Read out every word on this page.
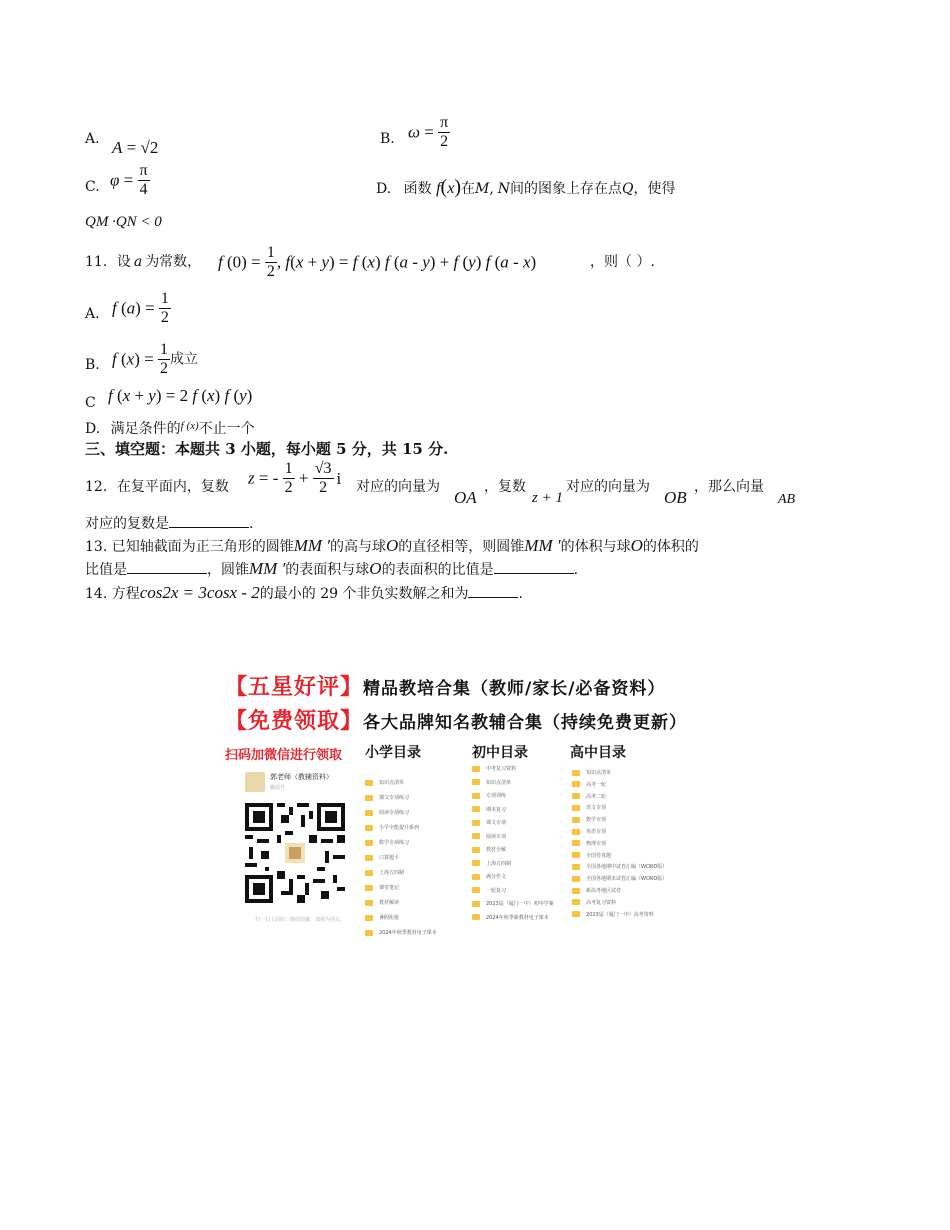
A. A = √2	B. $\omega = \frac{\pi}{2}$
C. $\varphi = \frac{\pi}{4}$	D. 函数 f(x)在M, N间的图象上存在点Q，使得
QM ·QN < 0
11．设 a 为常数， f $(0) = \frac{1}{2}$ , f(x + y) = f (x) f (a - y) + f (y) f (a - x)	，则（ ）.
A. f $(a) = \frac{1}{2}$
B. f $(x) = \frac{1}{2}$ 成立
C f (x + y) = 2 f (x) f (y)
D. 满足条件的$^{f (x)}$不止一个
三、填空题：本题共 3 小题，每小题 5 分，共 15 分.
12．在复平面内，复数 z = - $\frac{1}{2} + \frac{√3}{2}$ i 对应的向量为
OA
，复数
z + 1
对应的向量为
OB
，那么向量
AB
对应的复数是	.
13. 已知轴截面为正三角形的圆锥MM ′的高与球O的直径相等，则圆锥MM ′的体积与球O的体积的
比值是	，圆锥MM ′的表面积与球O的表面积的比值是	.
14. 方程cos2x = 3cosx - 2的最小的 29 个非负实数解之和为	.
【五星好评】精品教培合集（教师/家长/必备资料）
【免费领取】各大品牌知名教辅合集（持续免费更新）
扫码加微信进行领取 小学目录	初中目录	高中目录
郭老师（教辅资料）
微信号
扫一扫上面的二维码图案，加我为朋友。
知识点清单
课文专项练习
阅读专项练习
小学全能提升系列
数学专项练习
口算题卡
上海五四制
课堂笔记
教材解读
暑假衔接
2024年秋季教材电子课本
中考复习资料
知识点清单
专项训练
期末复习
课文专项
阅读专项
教材全解
上海五四制
满分作文
一轮复习
2023届（厦门一中）初中学案
2024年秋季新教材电子课本
知识点清单
高考一轮
高考二轮
语文专项
数学专项
英语专项
物理专项
全国卷真题
全国各地期中试卷汇编（WORD版）
全国各地期末试卷汇编（WORD版）
新高考地区试卷
高考复习资料
2023届（厦门一中）高考资料
